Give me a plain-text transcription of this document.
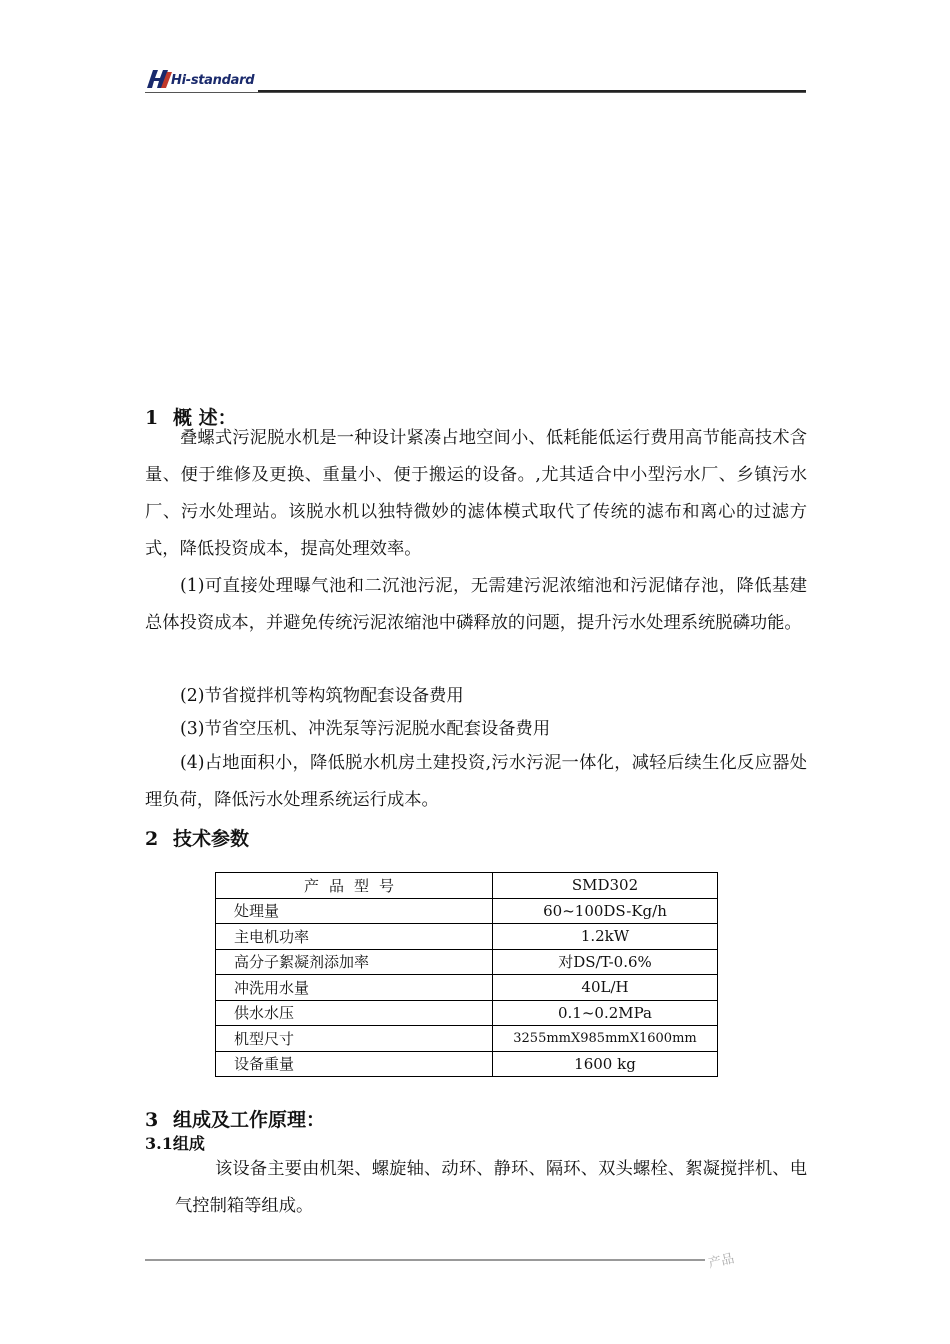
Hi-standard
1 概 述：
叠螺式污泥脱水机是一种设计紧凑占地空间小、低耗能低运行费用高节能高技术含量、便于维修及更换、重量小、便于搬运的设备。,尤其适合中小型污水厂、乡镇污水厂、污水处理站。该脱水机以独特微妙的滤体模式取代了传统的滤布和离心的过滤方式，降低投资成本，提高处理效率。
(1)可直接处理曝气池和二沉池污泥，无需建污泥浓缩池和污泥储存池，降低基建总体投资成本，并避免传统污泥浓缩池中磷释放的问题，提升污水处理系统脱磷功能。
(2)节省搅拌机等构筑物配套设备费用
(3)节省空压机、冲洗泵等污泥脱水配套设备费用
(4)占地面积小，降低脱水机房土建投资,污水污泥一体化，减轻后续生化反应器处理负荷，降低污水处理系统运行成本。
2 技术参数
产品型号	SMD302
处理量	60~100DS-Kg/h
主电机功率	1.2kW
高分子絮凝剂添加率	对DS/T-0.6%
冲洗用水量	40L/H
供水水压	0.1~0.2MPa
机型尺寸	3255mmX985mmX1600mm
设备重量	1600 kg
3 组成及工作原理：
3.1组成
该设备主要由机架、螺旋轴、动环、静环、隔环、双头螺栓、絮凝搅拌机、电气控制箱等组成。
产品
